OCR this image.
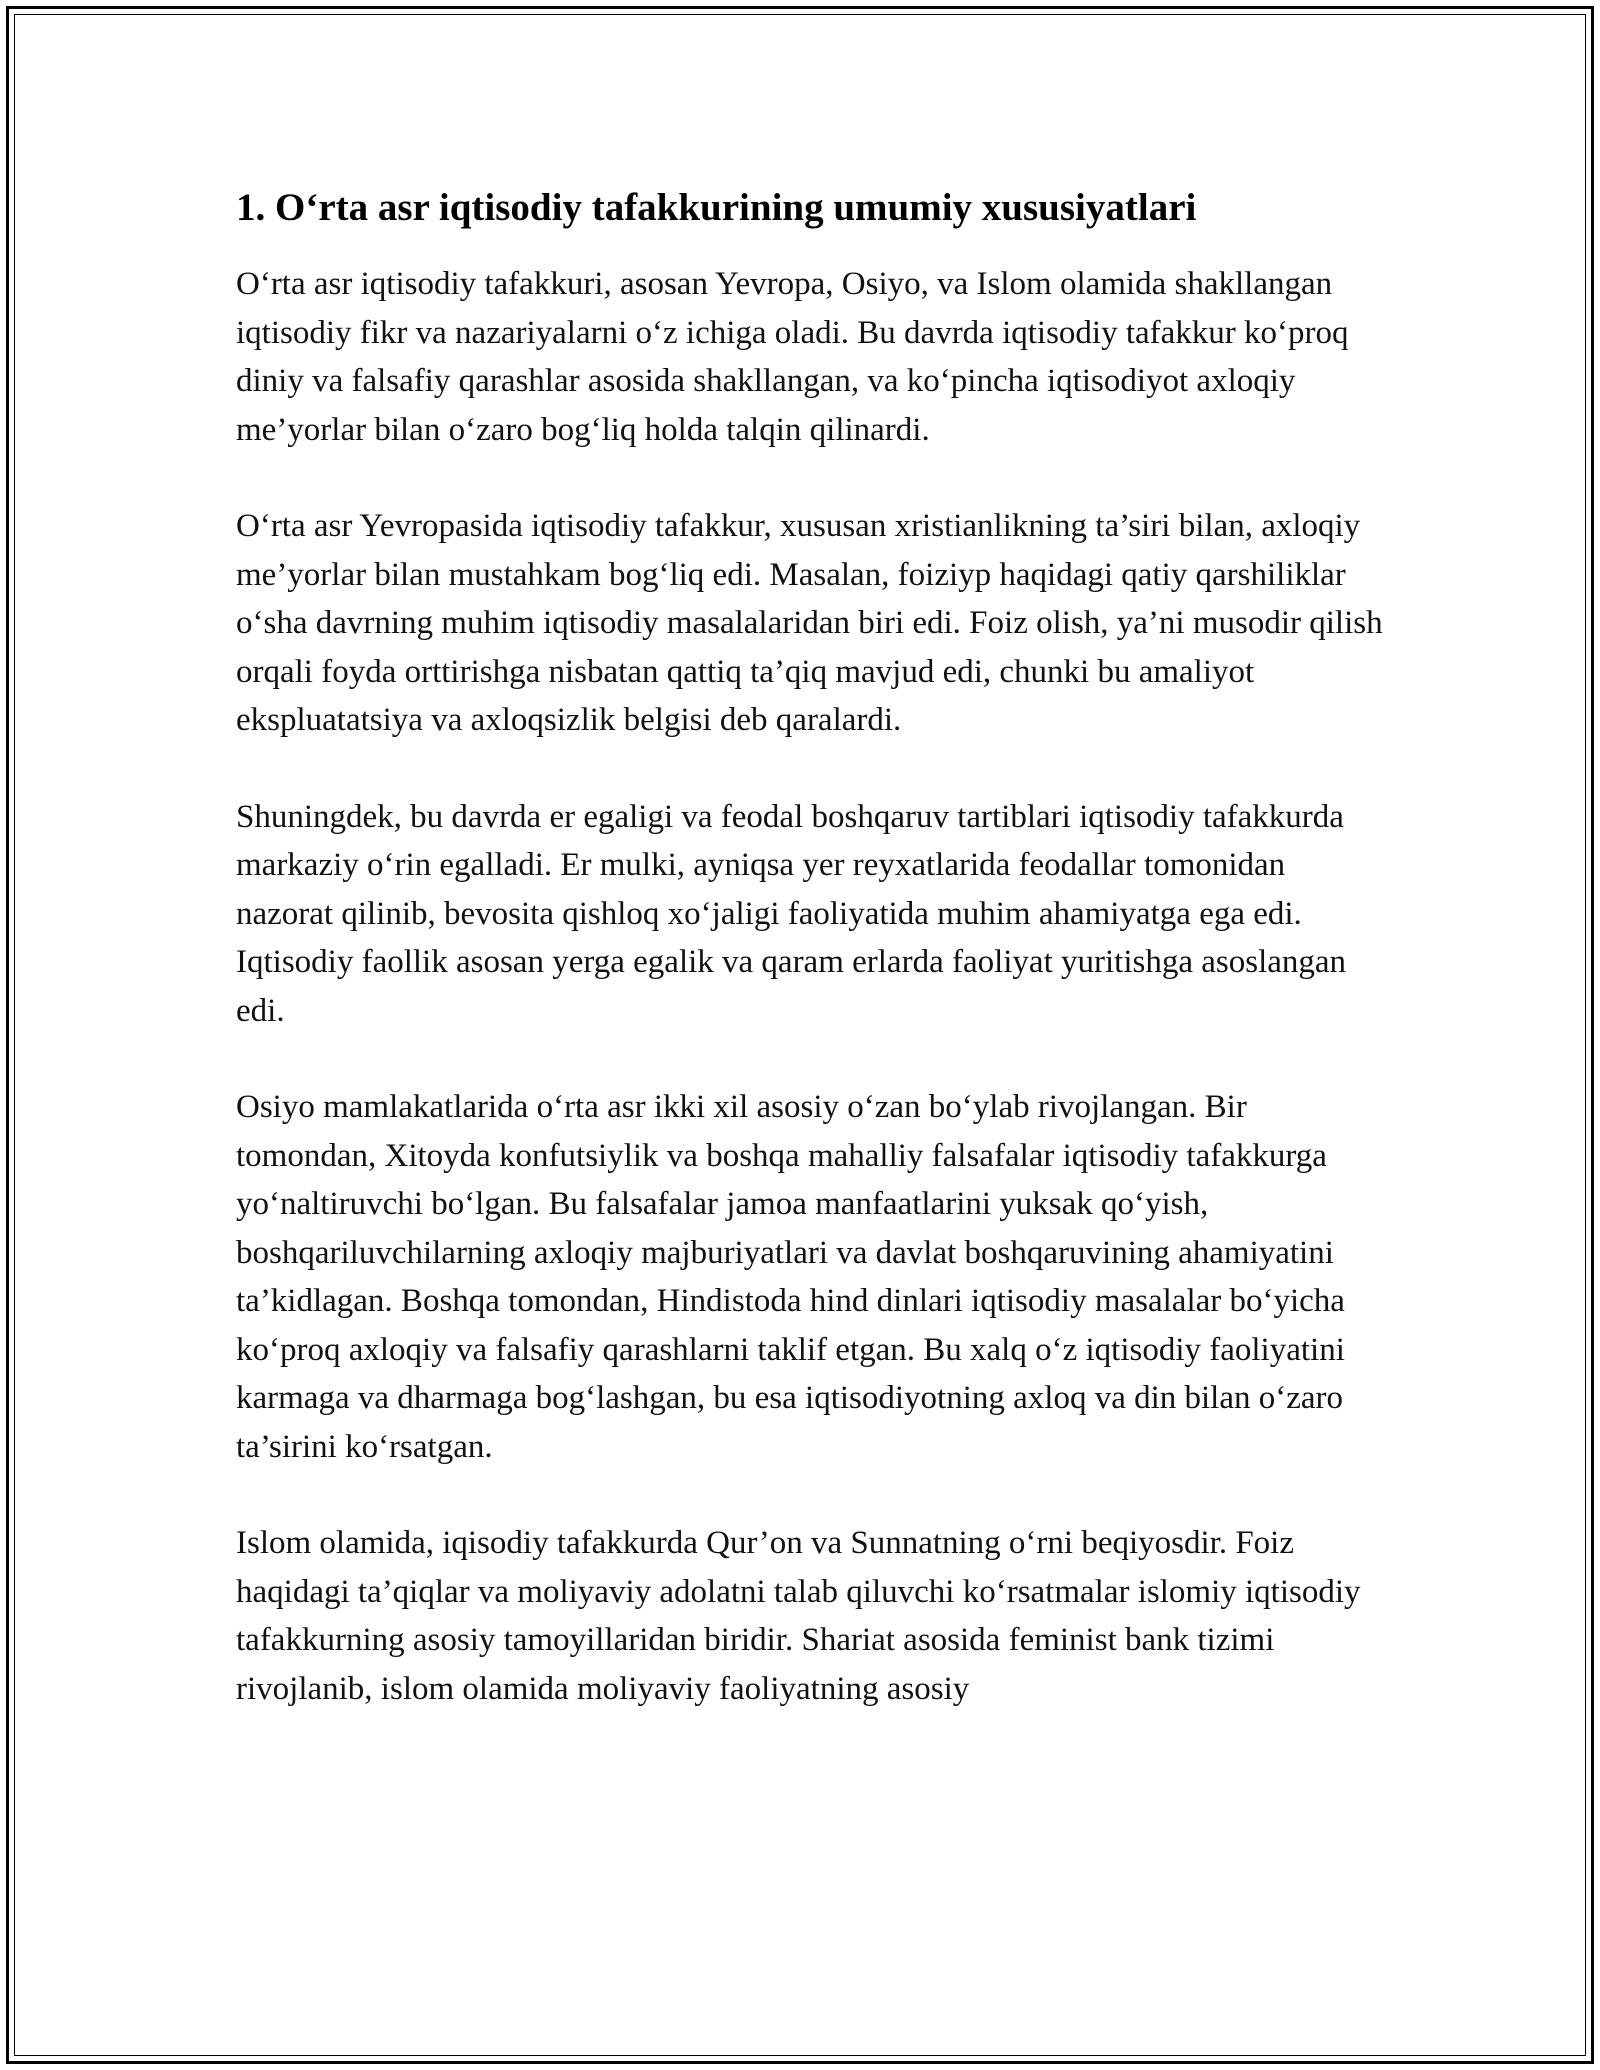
1. O‘rta asr iqtisodiy tafakkurining umumiy xususiyatlari

O‘rta asr iqtisodiy tafakkuri, asosan Yevropa, Osiyo, va Islom olamida shakllangan iqtisodiy fikr va nazariyalarni o‘z ichiga oladi. Bu davrda iqtisodiy tafakkur ko‘proq diniy va falsafiy qarashlar asosida shakllangan, va ko‘pincha iqtisodiyot axloqiy me’yorlar bilan o‘zaro bog‘liq holda talqin qilinardi.

O‘rta asr Yevropasida iqtisodiy tafakkur, xususan xristianlikning ta’siri bilan, axloqiy me’yorlar bilan mustahkam bog‘liq edi. Masalan, foiziyp haqidagi qatiy qarshiliklar o‘sha davrning muhim iqtisodiy masalalaridan biri edi. Foiz olish, ya’ni musodir qilish orqali foyda orttirishga nisbatan qattiq ta’qiq mavjud edi, chunki bu amaliyot ekspluatatsiya va axloqsizlik belgisi deb qaralardi.

Shuningdek, bu davrda er egaligi va feodal boshqaruv tartiblari iqtisodiy tafakkurda markaziy o‘rin egalladi. Er mulki, ayniqsa yer reyxatlarida feodallar tomonidan nazorat qilinib, bevosita qishloq xo‘jaligi faoliyatida muhim ahamiyatga ega edi. Iqtisodiy faollik asosan yerga egalik va qaram erlarda faoliyat yuritishga asoslangan edi.

Osiyo mamlakatlarida o‘rta asr ikki xil asosiy o‘zan bo‘ylab rivojlangan. Bir tomondan, Xitoyda konfutsiylik va boshqa mahalliy falsafalar iqtisodiy tafakkurga yo‘naltiruvchi bo‘lgan. Bu falsafalar jamoa manfaatlarini yuksak qo‘yish, boshqariluvchilarning axloqiy majburiyatlari va davlat boshqaruvining ahamiyatini ta’kidlagan. Boshqa tomondan, Hindistoda hind dinlari iqtisodiy masalalar bo‘yicha ko‘proq axloqiy va falsafiy qarashlarni taklif etgan. Bu xalq o‘z iqtisodiy faoliyatini karmaga va dharmaga bog‘lashgan, bu esa iqtisodiyotning axloq va din bilan o‘zaro ta’sirini ko‘rsatgan.

Islom olamida, iqisodiy tafakkurda Qur’on va Sunnatning o‘rni beqiyosdir. Foiz haqidagi ta’qiqlar va moliyaviy adolatni talab qiluvchi ko‘rsatmalar islomiy iqtisodiy tafakkurning asosiy tamoyillaridan biridir. Shariat asosida feminist bank tizimi rivojlanib, islom olamida moliyaviy faoliyatning asosiy
